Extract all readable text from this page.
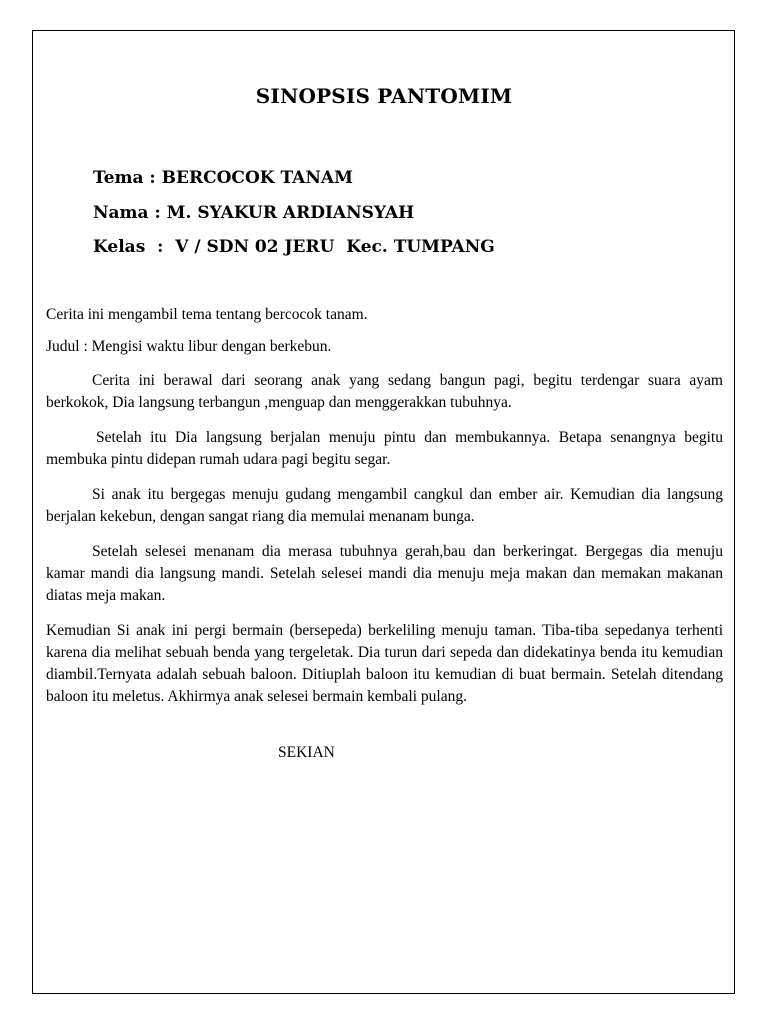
SINOPSIS PANTOMIM
Tema : BERCOCOK TANAM
Nama : M. SYAKUR ARDIANSYAH
Kelas  :  V / SDN 02 JERU  Kec. TUMPANG
Cerita ini mengambil tema tentang bercocok tanam.
Judul : Mengisi waktu libur dengan berkebun.
Cerita ini berawal dari seorang anak yang sedang bangun pagi, begitu terdengar suara ayam berkokok, Dia langsung terbangun ,menguap dan menggerakkan tubuhnya.
Setelah itu Dia langsung berjalan menuju pintu dan membukannya. Betapa senangnya begitu membuka pintu didepan rumah udara pagi begitu segar.
Si anak itu bergegas menuju gudang mengambil cangkul dan ember air. Kemudian dia langsung berjalan kekebun, dengan sangat riang dia memulai menanam bunga.
Setelah selesei menanam dia merasa tubuhnya gerah,bau dan berkeringat. Bergegas dia menuju kamar mandi dia langsung mandi. Setelah selesei mandi dia menuju meja makan dan memakan makanan diatas meja makan.
Kemudian Si anak ini pergi bermain (bersepeda) berkeliling menuju taman. Tiba-tiba sepedanya terhenti karena dia melihat sebuah benda yang tergeletak. Dia turun dari sepeda dan didekatinya benda itu kemudian diambil.Ternyata adalah sebuah baloon. Ditiuplah baloon itu kemudian di buat bermain. Setelah ditendang baloon itu meletus. Akhirmya anak selesei bermain kembali pulang.
SEKIAN
